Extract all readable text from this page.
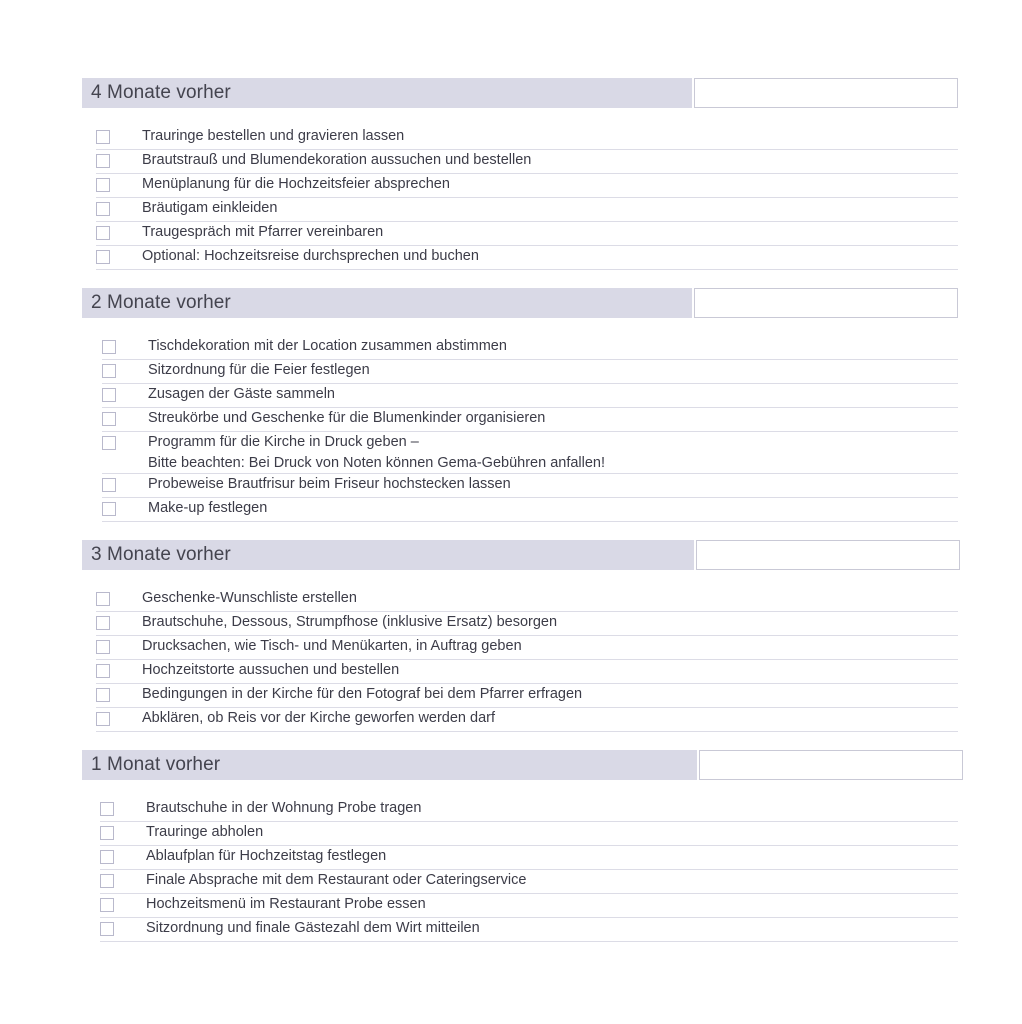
4 Monate vorher
Trauringe bestellen und gravieren lassen
Brautstrauß und Blumendekoration aussuchen und bestellen
Menüplanung für die Hochzeitsfeier absprechen
Bräutigam einkleiden
Traugespräch mit Pfarrer vereinbaren
Optional: Hochzeitsreise durchsprechen und buchen
2 Monate vorher
Tischdekoration mit der Location zusammen abstimmen
Sitzordnung für die Feier festlegen
Zusagen der Gäste sammeln
Streukörbe und Geschenke für die Blumenkinder organisieren
Programm für die Kirche in Druck geben –
Bitte beachten: Bei Druck von Noten können Gema-Gebühren anfallen!
Probeweise Brautfrisur beim Friseur hochstecken lassen
Make-up festlegen
3 Monate vorher
Geschenke-Wunschliste erstellen
Brautschuhe, Dessous, Strumpfhose (inklusive Ersatz) besorgen
Drucksachen, wie Tisch- und Menükarten, in Auftrag geben
Hochzeitstorte aussuchen und bestellen
Bedingungen in der Kirche für den Fotograf bei dem Pfarrer erfragen
Abklären, ob Reis vor der Kirche geworfen werden darf
1 Monat vorher
Brautschuhe in der Wohnung Probe tragen
Trauringe abholen
Ablaufplan für Hochzeitstag festlegen
Finale Absprache mit dem Restaurant oder Cateringservice
Hochzeitsmenü im Restaurant Probe essen
Sitzordnung und finale Gästezahl dem Wirt mitteilen
